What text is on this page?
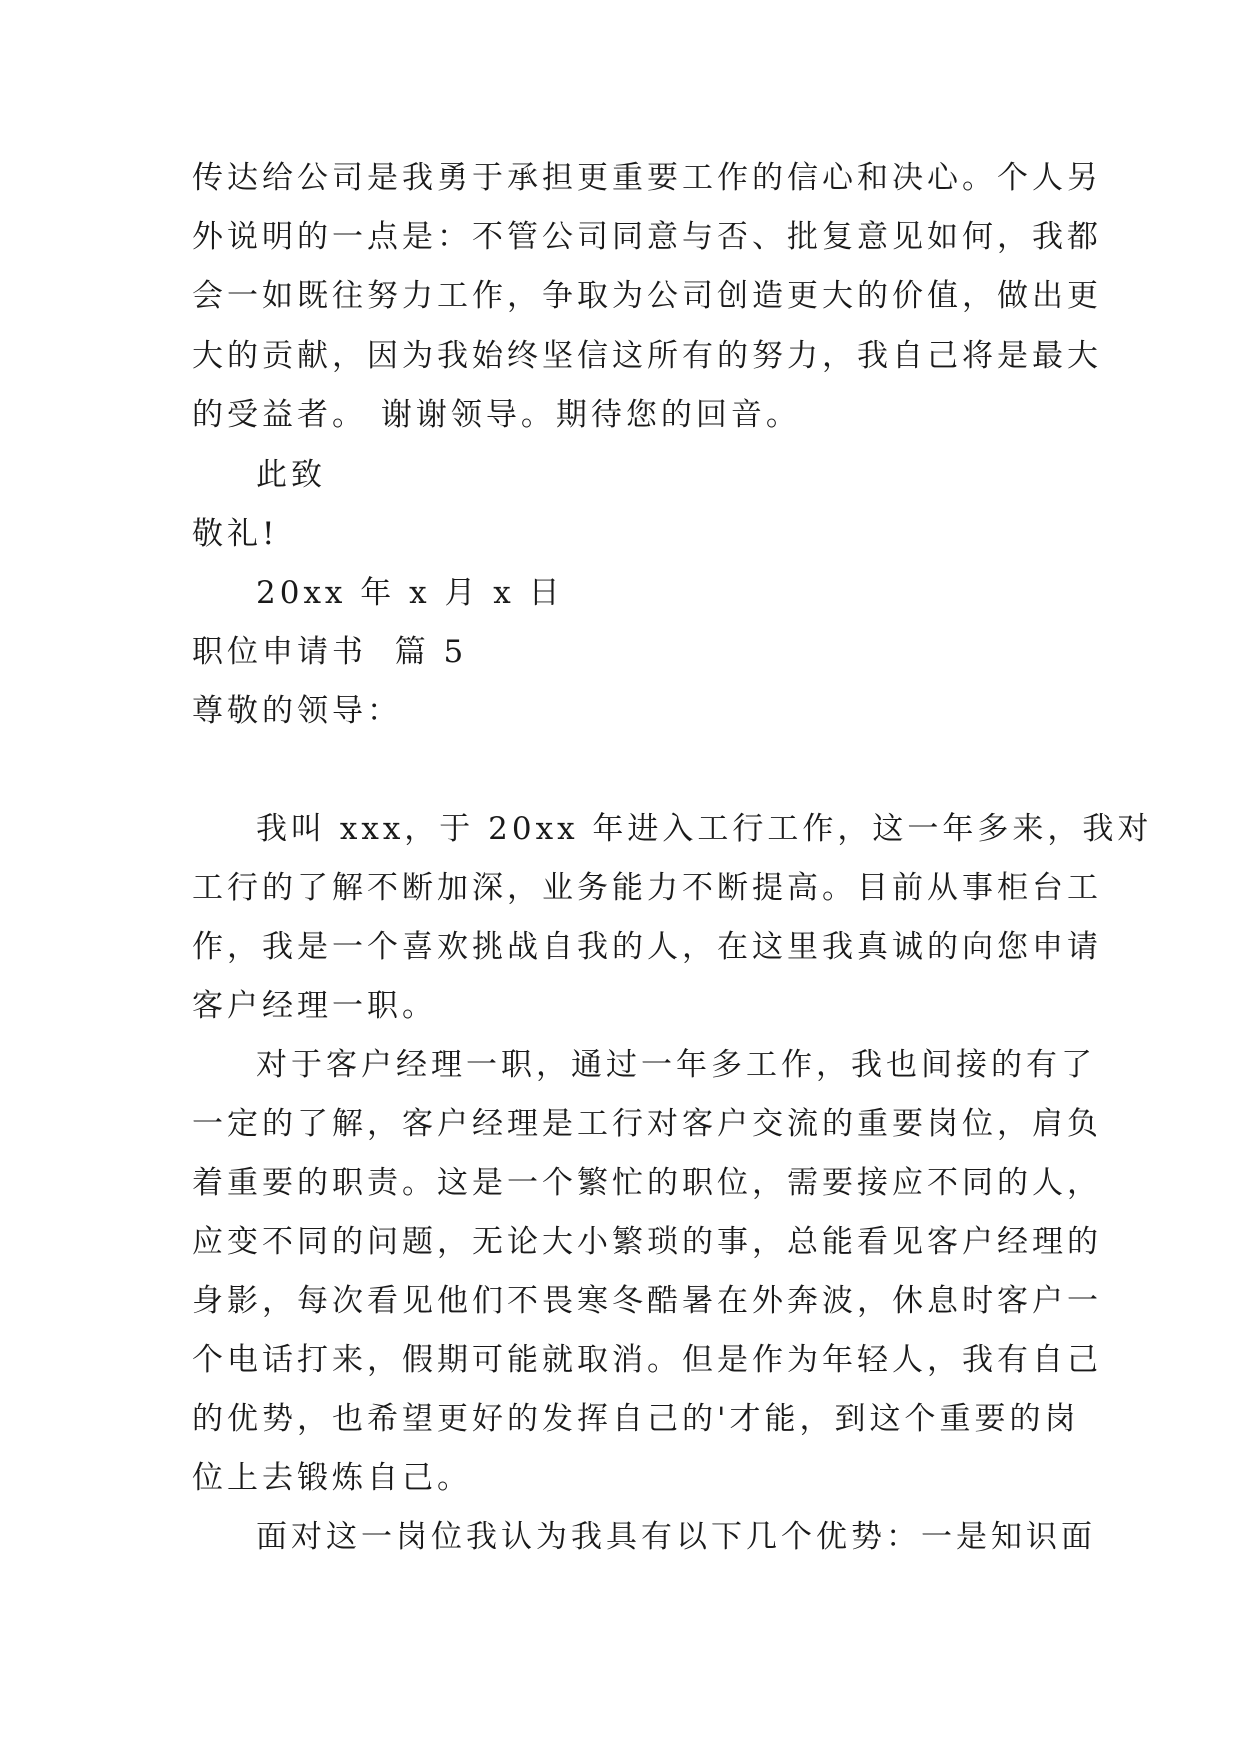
传达给公司是我勇于承担更重要工作的信心和决心。个人另
外说明的一点是：不管公司同意与否、批复意见如何，我都
会一如既往努力工作，争取为公司创造更大的价值，做出更
大的贡献，因为我始终坚信这所有的努力，我自己将是最大
的受益者。 谢谢领导。期待您的回音。
此致
敬礼!
20xx 年 x 月 x 日
职位申请书  篇 5
尊敬的领导：
我叫 xxx，于 20xx 年进入工行工作，这一年多来，我对
工行的了解不断加深，业务能力不断提高。目前从事柜台工
作，我是一个喜欢挑战自我的人，在这里我真诚的向您申请
客户经理一职。
对于客户经理一职，通过一年多工作，我也间接的有了
一定的了解，客户经理是工行对客户交流的重要岗位，肩负
着重要的职责。这是一个繁忙的职位，需要接应不同的人，
应变不同的问题，无论大小繁琐的事，总能看见客户经理的
身影，每次看见他们不畏寒冬酷暑在外奔波，休息时客户一
个电话打来，假期可能就取消。但是作为年轻人，我有自己
的优势，也希望更好的发挥自己的'才能，到这个重要的岗
位上去锻炼自己。
面对这一岗位我认为我具有以下几个优势：一是知识面
